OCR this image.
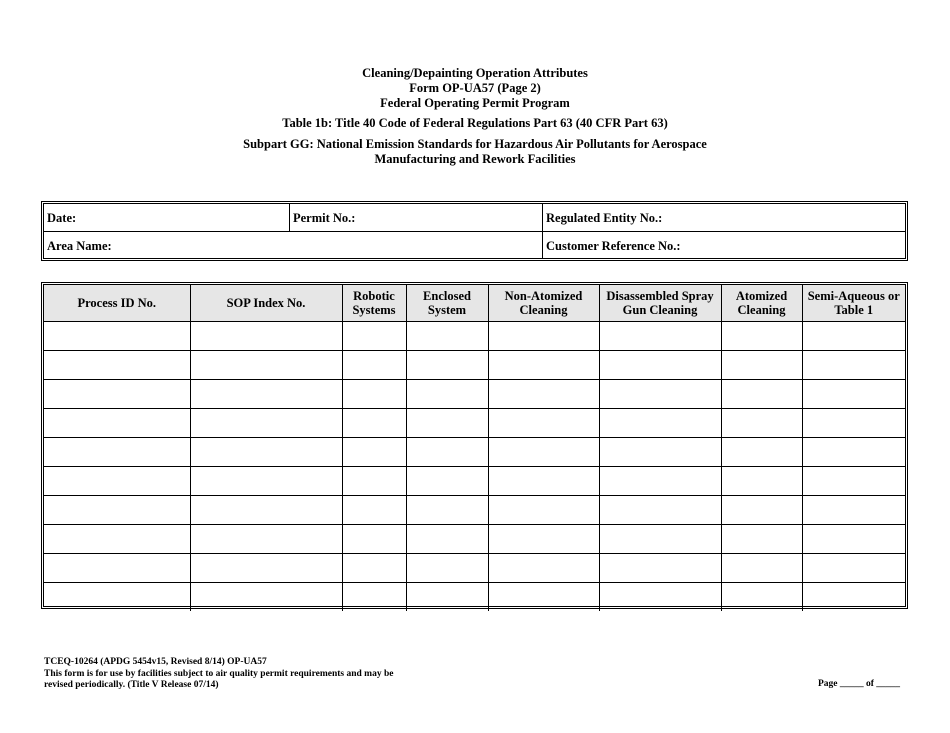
Cleaning/Depainting Operation Attributes
Form OP-UA57 (Page 2)
Federal Operating Permit Program
Table 1b: Title 40 Code of Federal Regulations Part 63 (40 CFR Part 63)
Subpart GG: National Emission Standards for Hazardous Air Pollutants for Aerospace
Manufacturing and Rework Facilities
Date:	Permit No.:	Regulated Entity No.:
Area Name:	Customer Reference No.:
Process ID No.	SOP Index No.	Robotic Systems	Enclosed System	Non-Atomized Cleaning	Disassembled Spray Gun Cleaning	Atomized Cleaning	Semi-Aqueous or Table 1

TCEQ-10264 (APDG 5454v15, Revised 8/14) OP-UA57
This form is for use by facilities subject to air quality permit requirements and may be
revised periodically. (Title V Release 07/14)	Page _____ of _____
